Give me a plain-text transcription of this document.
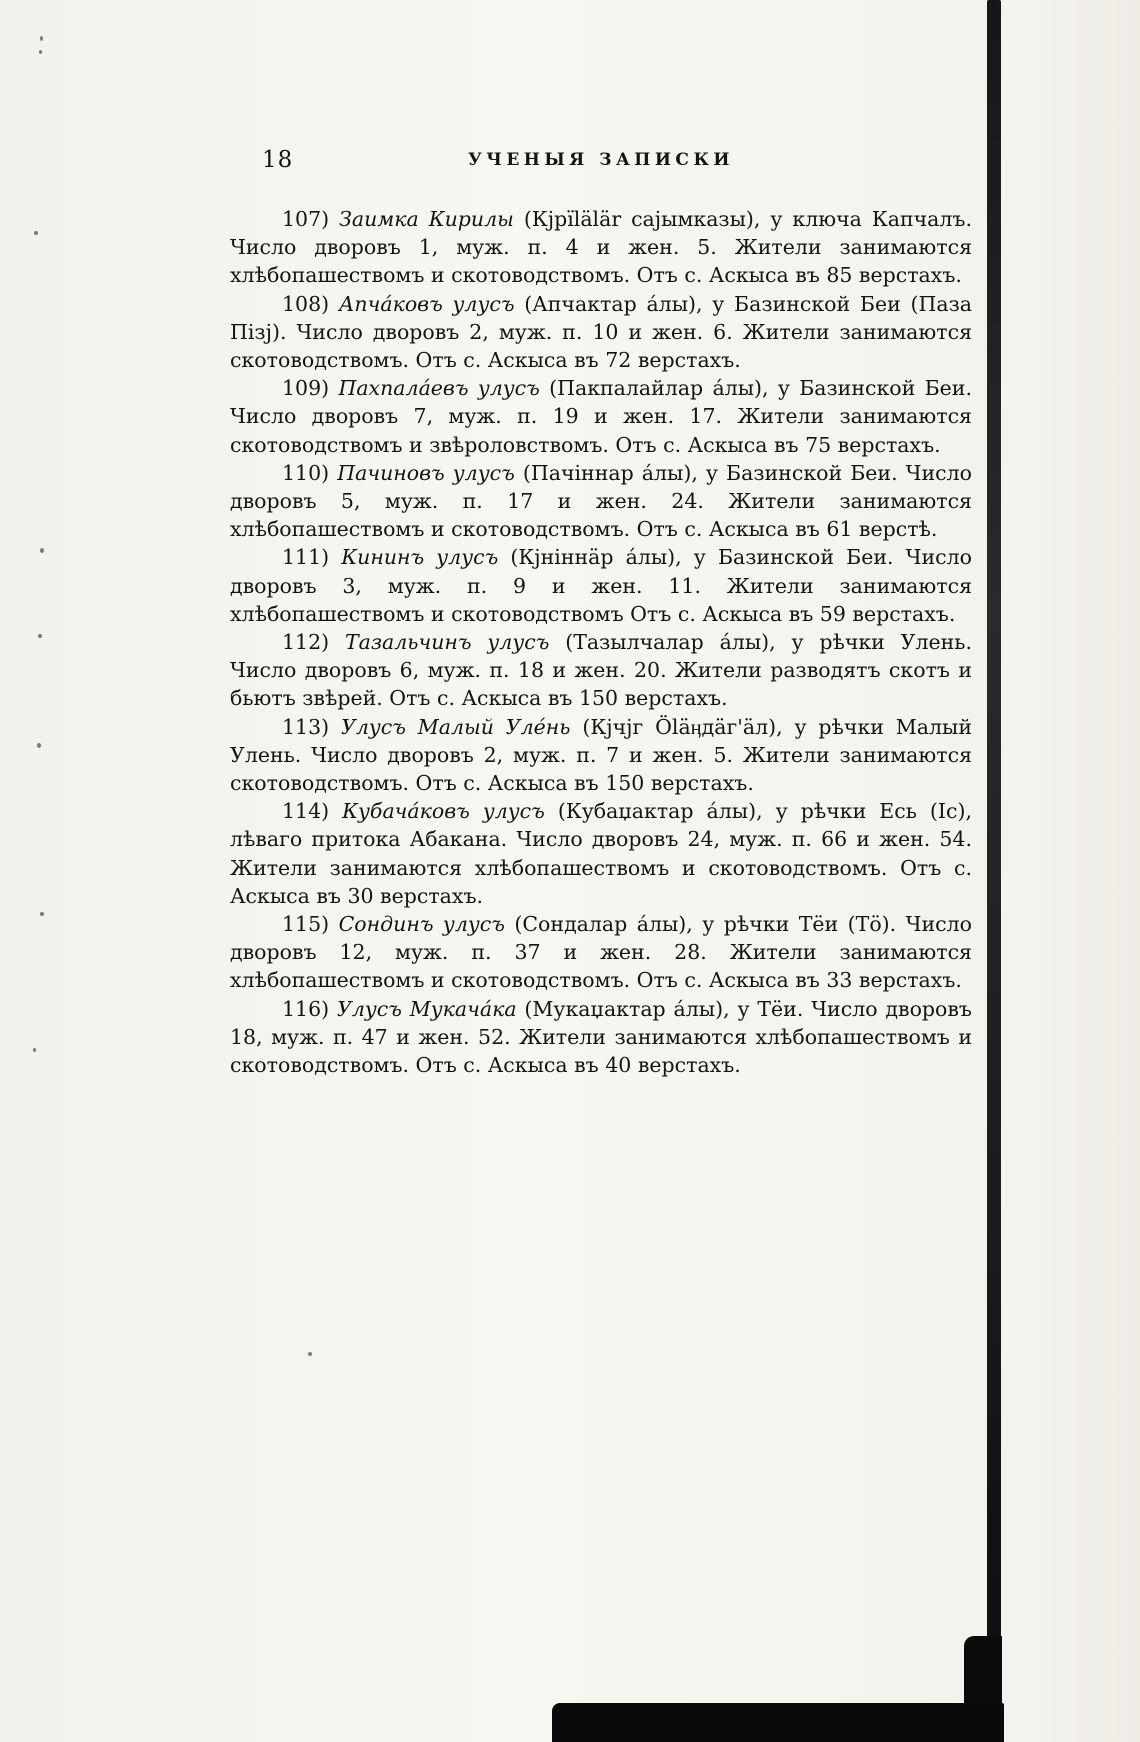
18	УЧЕНЫЯ ЗАПИСКИ

107) Заимка Кирилы (Кjpïlälär саjымказы), у ключа Капчалъ. Число дворовъ 1, муж. п. 4 и жен. 5. Жители занимаются хлѣбопашествомъ и скотоводствомъ. Отъ с. Аскыса въ 85 верстахъ.

108) Апча́ковъ улусъ (Апчактар а́лы), у Базинской Беи (Паза Пiзj). Число дворовъ 2, муж. п. 10 и жен. 6. Жители занимаются скотоводствомъ. Отъ с. Аскыса въ 72 верстахъ.

109) Пахпала́евъ улусъ (Пакпалайлар а́лы), у Базинской Беи. Число дворовъ 7, муж. п. 19 и жен. 17. Жители занимаются скотоводствомъ и звѣроловствомъ. Отъ с. Аскыса въ 75 верстахъ.

110) Пачиновъ улусъ (Пачiннар а́лы), у Базинской Беи. Число дворовъ 5, муж. п. 17 и жен. 24. Жители занимаются хлѣбопашествомъ и скотоводствомъ. Отъ с. Аскыса въ 61 верстѣ.

111) Кининъ улусъ (Кjнiннäр а́лы), у Базинской Беи. Число дворовъ 3, муж. п. 9 и жен. 11. Жители занимаются хлѣбопашествомъ и скотоводствомъ Отъ с. Аскыса въ 59 верстахъ.

112) Тазальчинъ улусъ (Тазылчалар а́лы), у рѣчки Улень. Число дворовъ 6, муж. п. 18 и жен. 20. Жители разводятъ скотъ и бьютъ звѣрей. Отъ с. Аскыса въ 150 верстахъ.

113) Улусъ Малый Уле́нь (Кjчjг Öläӊдäг'äл), у рѣчки Малый Улень. Число дворовъ 2, муж. п. 7 и жен. 5. Жители занимаются скотоводствомъ. Отъ с. Аскыса въ 150 верстахъ.

114) Кубача́ковъ улусъ (Кубаџактар а́лы), у рѣчки Есь (Iс), лѣваго притока Абакана. Число дворовъ 24, муж. п. 66 и жен. 54. Жители занимаются хлѣбопашествомъ и скотоводствомъ. Отъ с. Аскыса въ 30 верстахъ.

115) Сондинъ улусъ (Сондалар а́лы), у рѣчки Тёи (Тö). Число дворовъ 12, муж. п. 37 и жен. 28. Жители занимаются хлѣбопашествомъ и скотоводствомъ. Отъ с. Аскыса въ 33 верстахъ.

116) Улусъ Мукача́ка (Мукаџактар а́лы), у Тёи. Число дворовъ 18, муж. п. 47 и жен. 52. Жители занимаются хлѣбопашествомъ и скотоводствомъ. Отъ с. Аскыса въ 40 верстахъ.
